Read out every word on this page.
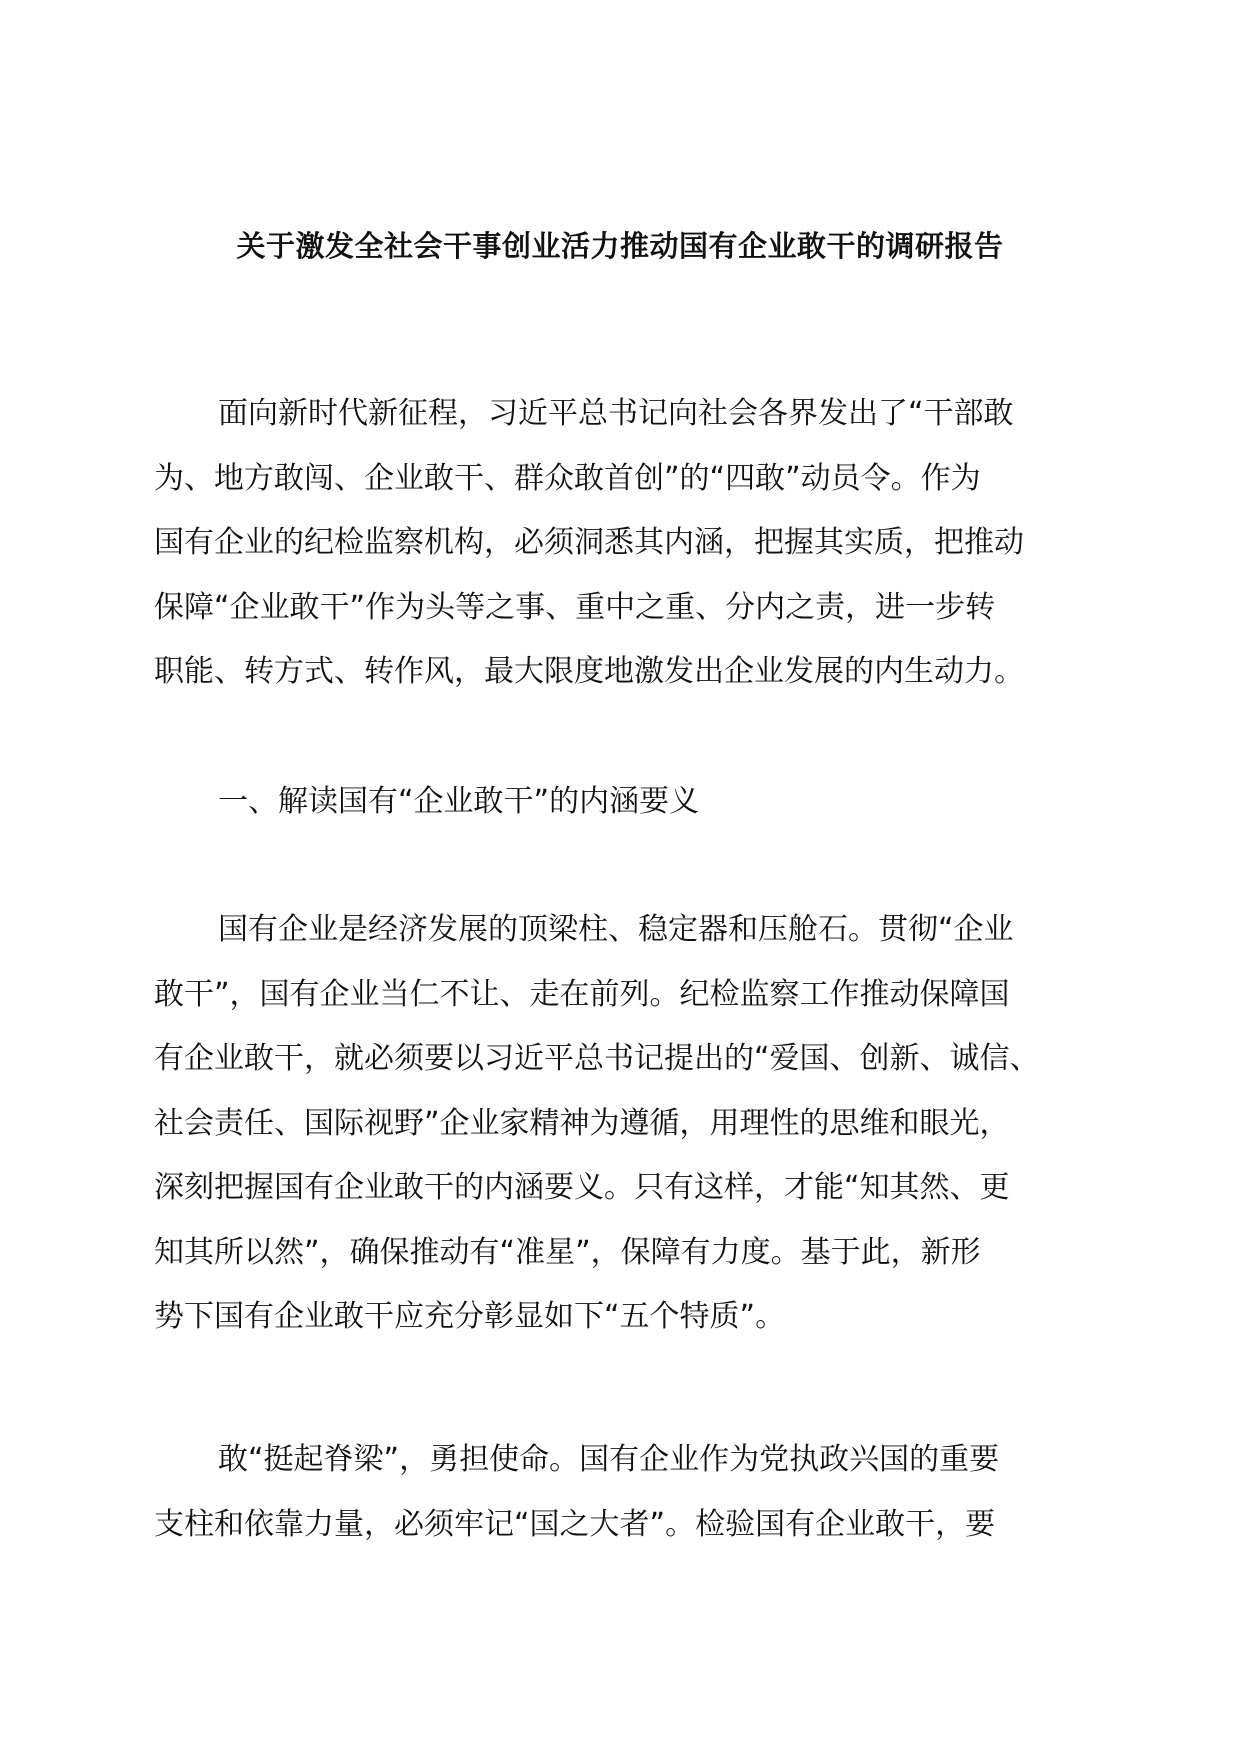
关于激发全社会干事创业活力推动国有企业敢干的调研报告
面向新时代新征程，习近平总书记向社会各界发出了“干部敢
为、地方敢闯、企业敢干、群众敢首创”的“四敢”动员令。作为
国有企业的纪检监察机构，必须洞悉其内涵，把握其实质，把推动
保障“企业敢干”作为头等之事、重中之重、分内之责，进一步转
职能、转方式、转作风，最大限度地激发出企业发展的内生动力。
一、解读国有“企业敢干”的内涵要义
国有企业是经济发展的顶梁柱、稳定器和压舱石。贯彻“企业
敢干”，国有企业当仁不让、走在前列。纪检监察工作推动保障国
有企业敢干，就必须要以习近平总书记提出的“爱国、创新、诚信、
社会责任、国际视野”企业家精神为遵循，用理性的思维和眼光，
深刻把握国有企业敢干的内涵要义。只有这样，才能“知其然、更
知其所以然”，确保推动有“准星”，保障有力度。基于此，新形
势下国有企业敢干应充分彰显如下“五个特质”。
敢“挺起脊梁”，勇担使命。国有企业作为党执政兴国的重要
支柱和依靠力量，必须牢记“国之大者”。检验国有企业敢干，要
